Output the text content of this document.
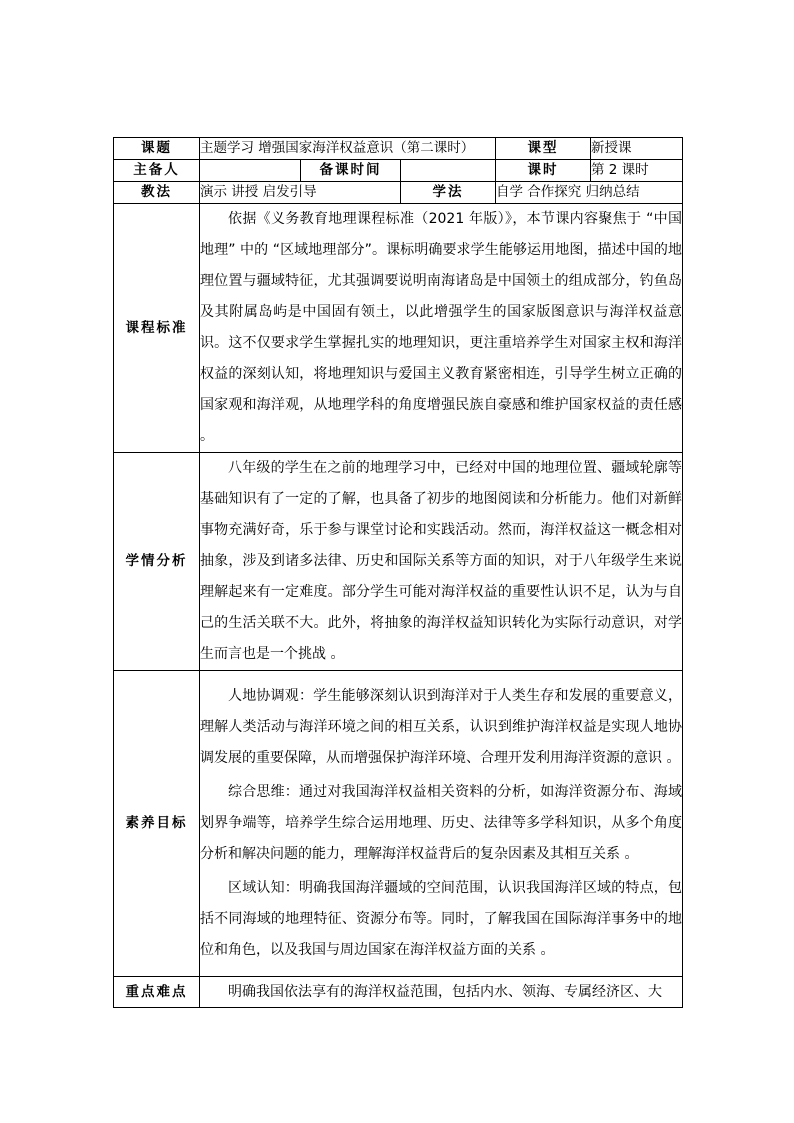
课题	主题学习 增强国家海洋权益意识（第二课时）			课型	新授课
主备人		备课时间		课时	第 2 课时
教法	演示 讲授 启发引导		学法	自学 合作探究 归纳总结	
课程标准	依据《义务教育地理课程标准（2021 年版）》，本节课内容聚焦于 “中国地理” 中的 “区域地理部分”。课标明确要求学生能够运用地图，描述中国的地理位置与疆域特征，尤其强调要说明南海诸岛是中国领土的组成部分，钓鱼岛及其附属岛屿是中国固有领土，以此增强学生的国家版图意识与海洋权益意识。这不仅要求学生掌握扎实的地理知识，更注重培养学生对国家主权和海洋权益的深刻认知，将地理知识与爱国主义教育紧密相连，引导学生树立正确的国家观和海洋观，从地理学科的角度增强民族自豪感和维护国家权益的责任感 。				

学情分析	八年级的学生在之前的地理学习中，已经对中国的地理位置、疆域轮廓等基础知识有了一定的了解，也具备了初步的地图阅读和分析能力。他们对新鲜事物充满好奇，乐于参与课堂讨论和实践活动。然而，海洋权益这一概念相对抽象，涉及到诸多法律、历史和国际关系等方面的知识，对于八年级学生来说理解起来有一定难度。部分学生可能对海洋权益的重要性认识不足，认为与自己的生活关联不大。此外，将抽象的海洋权益知识转化为实际行动意识，对学生而言也是一个挑战 。				

素养目标	人地协调观：学生能够深刻认识到海洋对于人类生存和发展的重要意义，理解人类活动与海洋环境之间的相互关系，认识到维护海洋权益是实现人地协调发展的重要保障，从而增强保护海洋环境、合理开发利用海洋资源的意识 。

综合思维：通过对我国海洋权益相关资料的分析，如海洋资源分布、海域划界争端等，培养学生综合运用地理、历史、法律等多学科知识，从多个角度分析和解决问题的能力，理解海洋权益背后的复杂因素及其相互关系 。

区域认知：明确我国海洋疆域的空间范围，认识我国海洋区域的特点，包括不同海域的地理特征、资源分布等。同时，了解我国在国际海洋事务中的地位和角色，以及我国与周边国家在海洋权益方面的关系 。				

重点难点	明确我国依法享有的海洋权益范围，包括内水、领海、专属经济区、大				
